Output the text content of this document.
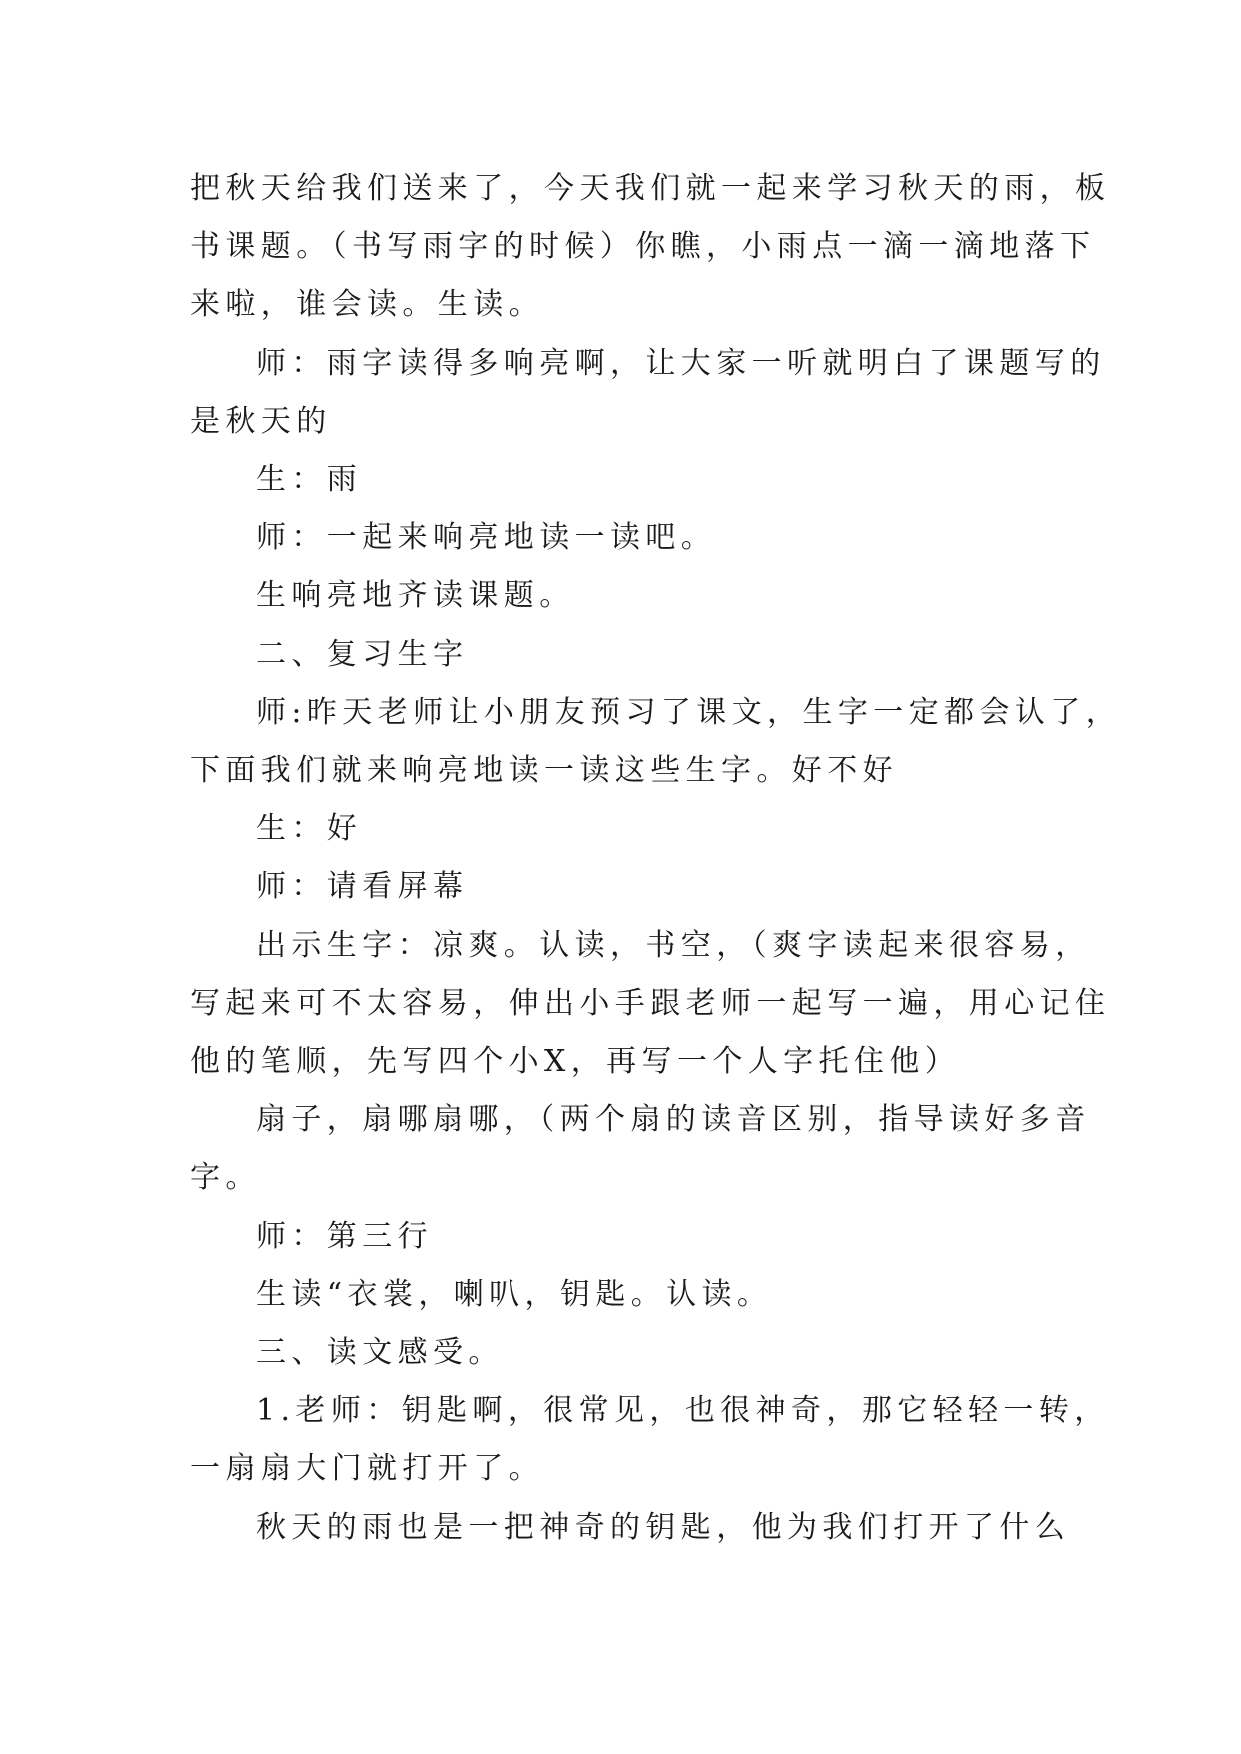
把秋天给我们送来了，今天我们就一起来学习秋天的雨，板

书课题。（书写雨字的时候）你瞧，小雨点一滴一滴地落下

来啦，谁会读。生读。

师：雨字读得多响亮啊，让大家一听就明白了课题写的

是秋天的

生：雨

师：一起来响亮地读一读吧。

生响亮地齐读课题。

二、复习生字

师:昨天老师让小朋友预习了课文，生字一定都会认了，

下面我们就来响亮地读一读这些生字。好不好

生：好

师：请看屏幕

出示生字：凉爽。认读，书空，（爽字读起来很容易，

写起来可不太容易，伸出小手跟老师一起写一遍，用心记住

他的笔顺，先写四个小X，再写一个人字托住他）

扇子，扇哪扇哪，（两个扇的读音区别，指导读好多音

字。

师：第三行

生读“衣裳，喇叭，钥匙。认读。

三、读文感受。

1.老师：钥匙啊，很常见，也很神奇，那它轻轻一转，

一扇扇大门就打开了。

秋天的雨也是一把神奇的钥匙，他为我们打开了什么
